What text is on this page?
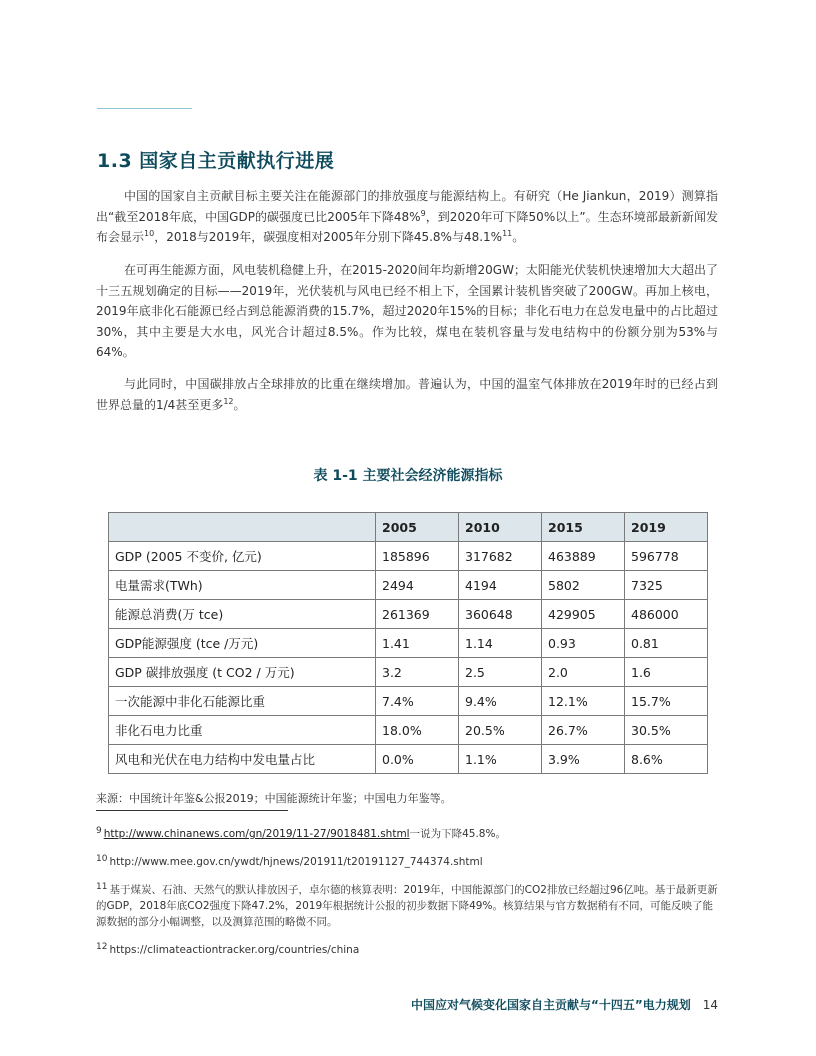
1.3 国家自主贡献执行进展

中国的国家自主贡献目标主要关注在能源部门的排放强度与能源结构上。有研究（He Jiankun，2019）测算指出“截至2018年底，中国GDP的碳强度已比2005年下降48%$^9$，到2020年可下降50%以上”。生态环境部最新新闻发布会显示$^{10}$，2018与2019年，碳强度相对2005年分别下降45.8%与48.1%$^{11}$。

在可再生能源方面，风电装机稳健上升，在2015-2020间年均新增20GW；太阳能光伏装机快速增加大大超出了十三五规划确定的目标——2019年，光伏装机与风电已经不相上下，全国累计装机皆突破了200GW。再加上核电，2019年底非化石能源已经占到总能源消费的15.7%，超过2020年15%的目标；非化石电力在总发电量中的占比超过30%，其中主要是大水电，风光合计超过8.5%。作为比较，煤电在装机容量与发电结构中的份额分别为53%与64%。

与此同时，中国碳排放占全球排放的比重在继续增加。普遍认为，中国的温室气体排放在2019年时的已经占到世界总量的1/4甚至更多$^{12}$。

表 1-1 主要社会经济能源指标
	2005	2010	2015	2019
GDP (2005 不变价, 亿元)	185896	317682	463889	596778
电量需求(TWh)	2494	4194	5802	7325
能源总消费(万 tce)	261369	360648	429905	486000
GDP能源强度 (tce /万元)	1.41	1.14	0.93	0.81
GDP 碳排放强度 (t CO2 / 万元)	3.2	2.5	2.0	1.6
一次能源中非化石能源比重	7.4%	9.4%	12.1%	15.7%
非化石电力比重	18.0%	20.5%	26.7%	30.5%
风电和光伏在电力结构中发电量占比	0.0%	1.1%	3.9%	8.6%
来源：中国统计年鉴&公报2019；中国能源统计年鉴；中国电力年鉴等。
9 http://www.chinanews.com/gn/2019/11-27/9018481.shtml一说为下降45.8%。
10 http://www.mee.gov.cn/ywdt/hjnews/201911/t20191127_744374.shtml
11 基于煤炭、石油、天然气的默认排放因子，卓尔德的核算表明：2019年，中国能源部门的CO2排放已经超过96亿吨。基于最新更新的GDP，2018年底CO2强度下降47.2%，2019年根据统计公报的初步数据下降49%。核算结果与官方数据稍有不同，可能反映了能源数据的部分小幅调整，以及测算范围的略微不同。
12 https://climateactiontracker.org/countries/china
中国应对气候变化国家自主贡献与“十四五”电力规划 14
